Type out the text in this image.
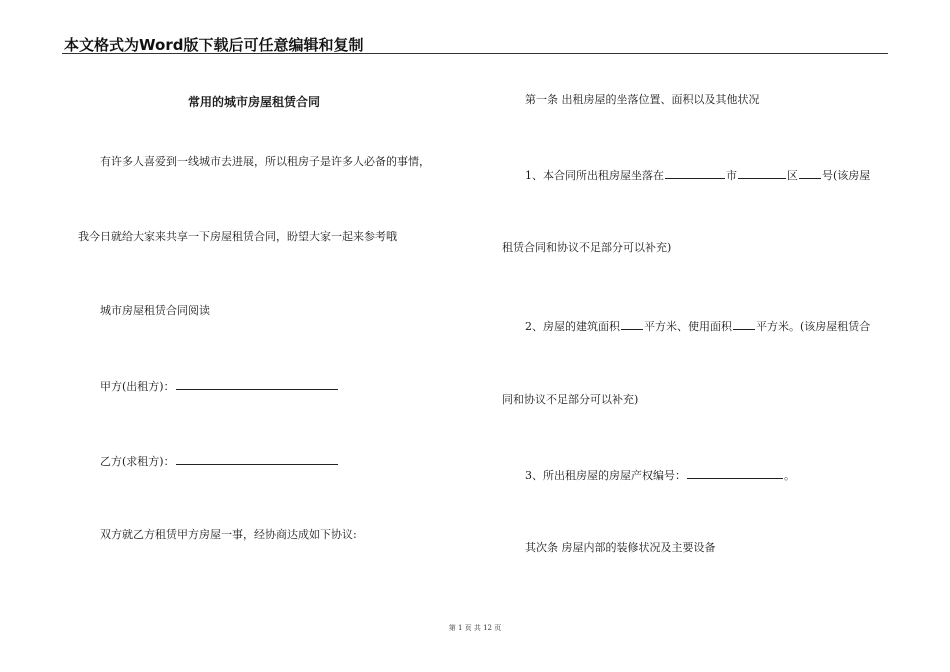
本文格式为Word版下载后可任意编辑和复制
常用的城市房屋租赁合同
有许多人喜爱到一线城市去进展，所以租房子是许多人必备的事情，
我今日就给大家来共享一下房屋租赁合同，盼望大家一起来参考哦
城市房屋租赁合同阅读
甲方(出租方)：
乙方(求租方)：
双方就乙方租赁甲方房屋一事，经协商达成如下协议:
第一条 出租房屋的坐落位置、面积以及其他状况
1、本合同所出租房屋坐落在	市	区 号(该房屋
租赁合同和协议不足部分可以补充)
2、房屋的建筑面积 平方米、使用面积 平方米。(该房屋租赁合
同和协议不足部分可以补充)
3、所出租房屋的房屋产权编号：	。
其次条 房屋内部的装修状况及主要设备
第 1 页 共 12 页
